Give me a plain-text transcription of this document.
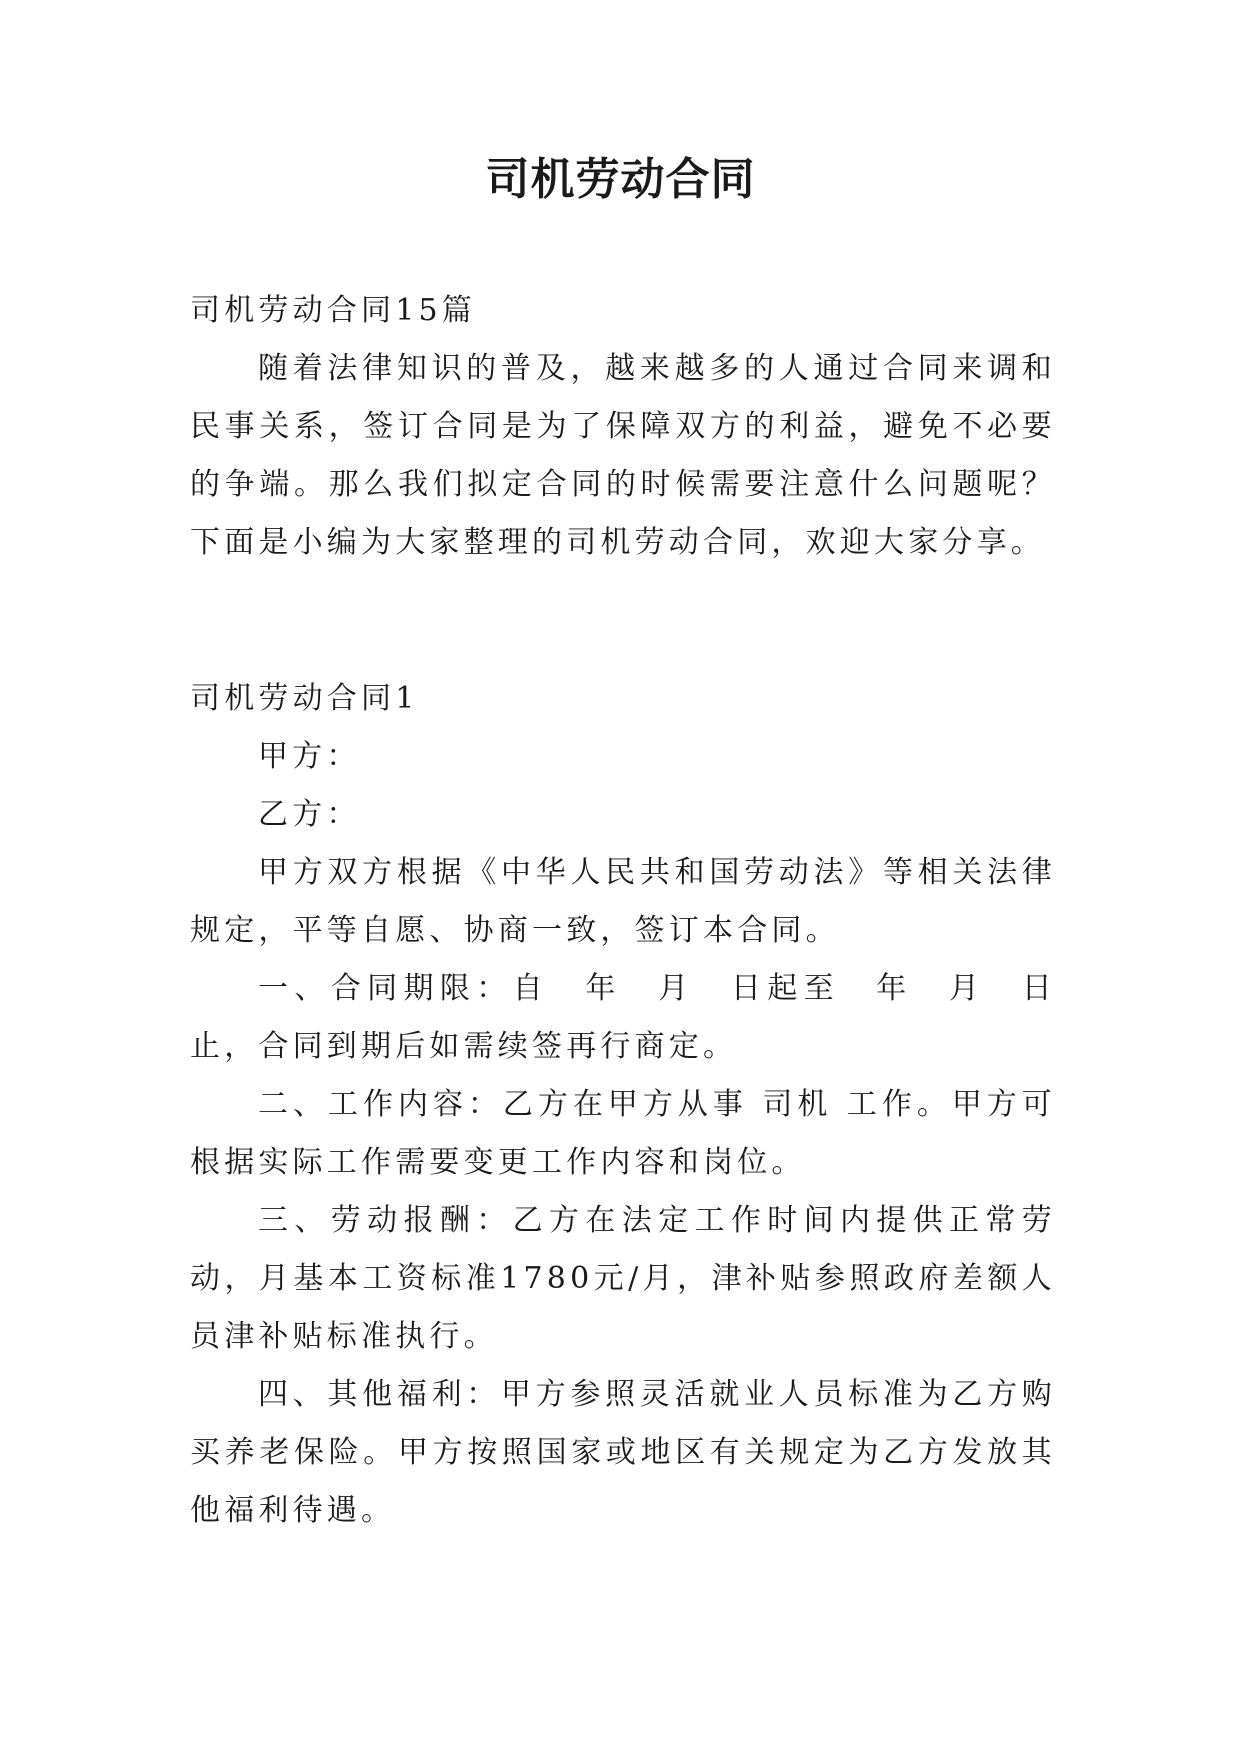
司机劳动合同

司机劳动合同15篇

随着法律知识的普及，越来越多的人通过合同来调和民事关系，签订合同是为了保障双方的利益，避免不必要的争端。那么我们拟定合同的时候需要注意什么问题呢？下面是小编为大家整理的司机劳动合同，欢迎大家分享。

司机劳动合同1

甲方：

乙方：

甲方双方根据《中华人民共和国劳动法》等相关法律规定，平等自愿、协商一致，签订本合同。

一、合同期限：自　年　月　日起至　年　月　日止，合同到期后如需续签再行商定。

二、工作内容：乙方在甲方从事 司机 工作。甲方可根据实际工作需要变更工作内容和岗位。

三、劳动报酬：乙方在法定工作时间内提供正常劳动，月基本工资标准1780元/月，津补贴参照政府差额人员津补贴标准执行。

四、其他福利：甲方参照灵活就业人员标准为乙方购买养老保险。甲方按照国家或地区有关规定为乙方发放其他福利待遇。
